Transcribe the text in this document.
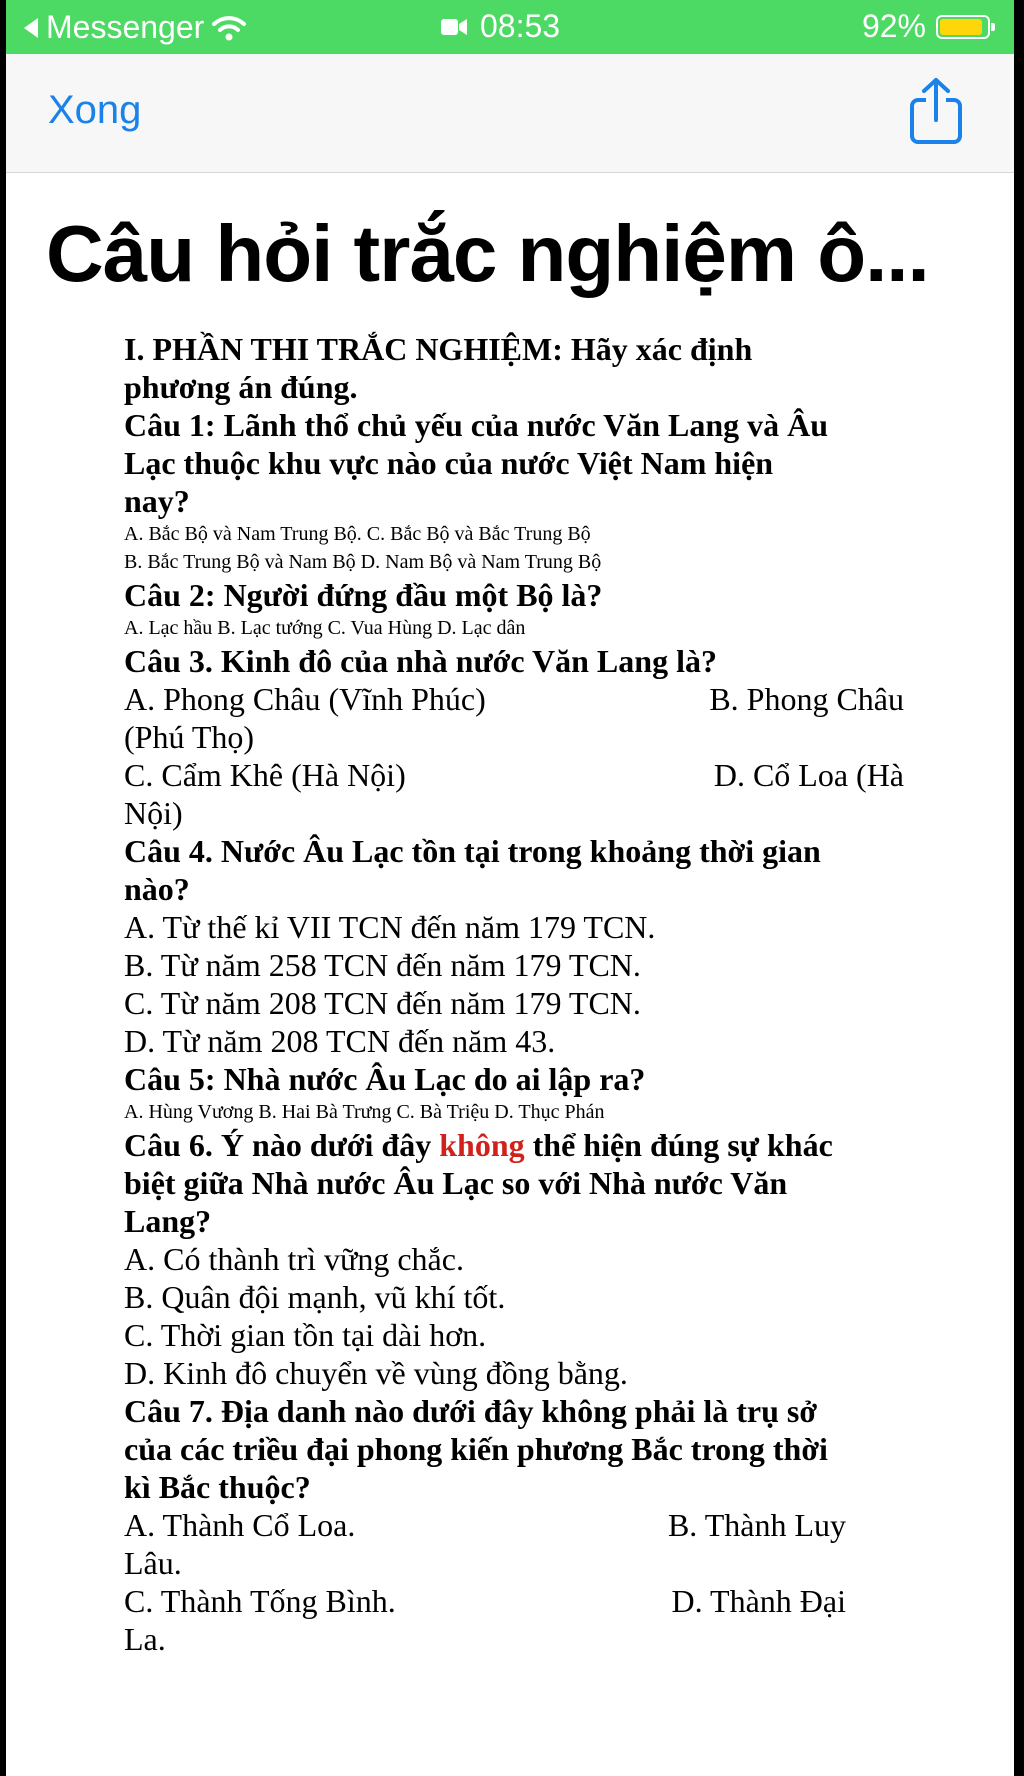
Messenger	08:53	92%
Xong
Câu hỏi trắc nghiệm ô...
I. PHẦN THI TRẮC NGHIỆM: Hãy xác định
phương án đúng.
Câu 1: Lãnh thổ chủ yếu của nước Văn Lang và Âu
Lạc thuộc khu vực nào của nước Việt Nam hiện
nay?
A. Bắc Bộ và Nam Trung Bộ. C. Bắc Bộ và Bắc Trung Bộ
B. Bắc Trung Bộ và Nam Bộ D. Nam Bộ và Nam Trung Bộ
Câu 2: Người đứng đầu một Bộ là?
A. Lạc hầu B. Lạc tướng C. Vua Hùng D. Lạc dân
Câu 3. Kinh đô của nhà nước Văn Lang là?
A. Phong Châu (Vĩnh Phúc)	B. Phong Châu
(Phú Thọ)
C. Cẩm Khê (Hà Nội)	D. Cổ Loa (Hà
Nội)
Câu 4. Nước Âu Lạc tồn tại trong khoảng thời gian
nào?
A. Từ thế kỉ VII TCN đến năm 179 TCN.
B. Từ năm 258 TCN đến năm 179 TCN.
C. Từ năm 208 TCN đến năm 179 TCN.
D. Từ năm 208 TCN đến năm 43.
Câu 5: Nhà nước Âu Lạc do ai lập ra?
A. Hùng Vương B. Hai Bà Trưng C. Bà Triệu D. Thục Phán
Câu 6. Ý nào dưới đây không thể hiện đúng sự khác
biệt giữa Nhà nước Âu Lạc so với Nhà nước Văn
Lang?
A. Có thành trì vững chắc.
B. Quân đội mạnh, vũ khí tốt.
C. Thời gian tồn tại dài hơn.
D. Kinh đô chuyển về vùng đồng bằng.
Câu 7. Địa danh nào dưới đây không phải là trụ sở
của các triều đại phong kiến phương Bắc trong thời
kì Bắc thuộc?
A. Thành Cổ Loa.	B. Thành Luy
Lâu.
C. Thành Tống Bình.	D. Thành Đại
La.
